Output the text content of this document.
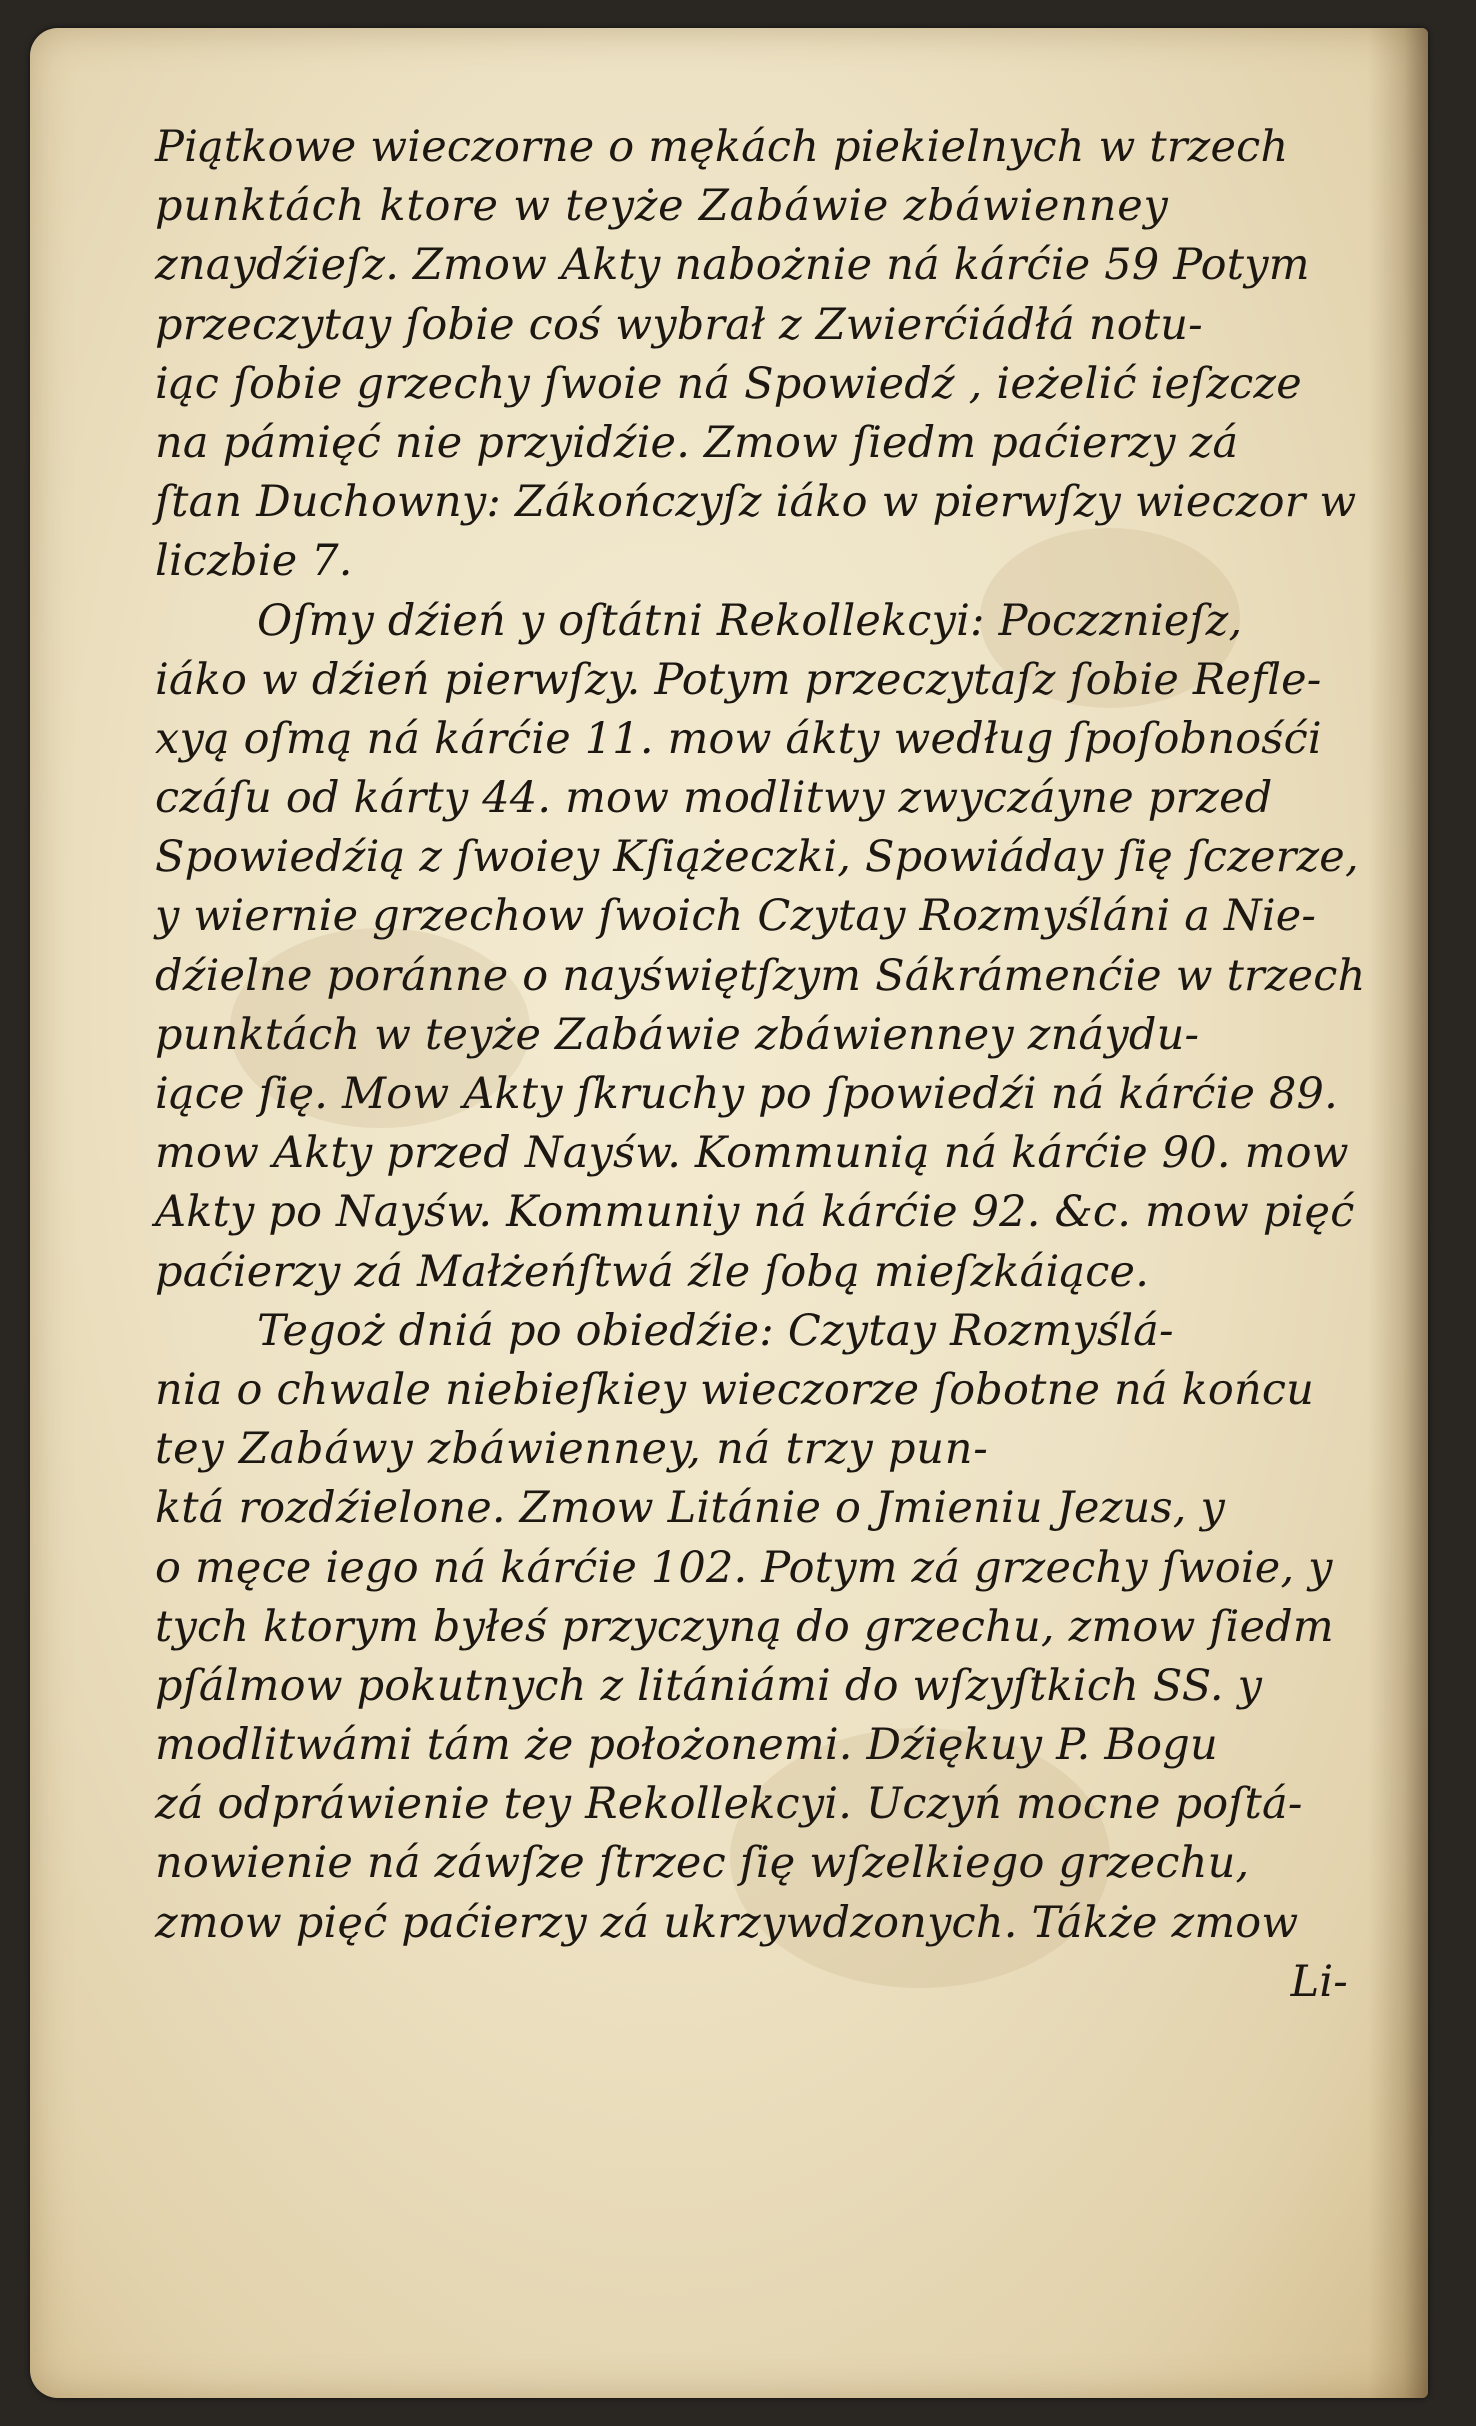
Piątkowe wieczorne o mękách piekielnych w trzech
punktách ktore w teyże Zabáwie zbáwienney
znaydźieſz. Zmow Akty nabożnie ná kárćie 59 Potym
przeczytay ſobie coś wybrał z Zwierćiádłá notu-
iąc ſobie grzechy ſwoie ná Spowiedź , ieżelić ieſzcze
na pámięć nie przyidźie. Zmow ſiedm paćierzy zá
ſtan Duchowny: Zákończyſz iáko w pierwſzy wieczor w
liczbie 7.
Oſmy dźień y oſtátni Rekollekcyi: Poczznieſz,
iáko w dźień pierwſzy. Potym przeczytaſz ſobie Refle-
xyą oſmą ná kárćie 11. mow ákty według ſpoſobnośći
czáſu od kárty 44. mow modlitwy zwyczáyne przed
Spowiedźią z ſwoiey Kſiążeczki, Spowiáday ſię ſczerze,
y wiernie grzechow ſwoich Czytay Rozmyśláni a Nie-
dźielne poránne o nayświętſzym Sákrámenćie w trzech
punktách w teyże Zabáwie zbáwienney znáydu-
iące ſię. Mow Akty ſkruchy po ſpowiedźi ná kárćie 89.
mow Akty przed Nayśw. Kommunią ná kárćie 90. mow
Akty po Nayśw. Kommuniy ná kárćie 92. &c. mow pięć
paćierzy zá Małżeńſtwá źle ſobą mieſzkáiące.
Tegoż dniá po obiedźie: Czytay Rozmyślá-
nia o chwale niebieſkiey wieczorze ſobotne ná końcu
tey Zabáwy zbáwienney, ná trzy pun-
ktá rozdźielone. Zmow Litánie o Jmieniu Jezus, y
o męce iego ná kárćie 102. Potym zá grzechy ſwoie, y
tych ktorym byłeś przyczyną do grzechu, zmow ſiedm
pſálmow pokutnych z litániámi do wſzyſtkich SS. y
modlitwámi tám że położonemi. Dźiękuy P. Bogu
zá odpráwienie tey Rekollekcyi. Uczyń mocne poſtá-
nowienie ná záwſze ſtrzec ſię wſzelkiego grzechu,
zmow pięć paćierzy zá ukrzywdzonych. Tákże zmow
Li-
